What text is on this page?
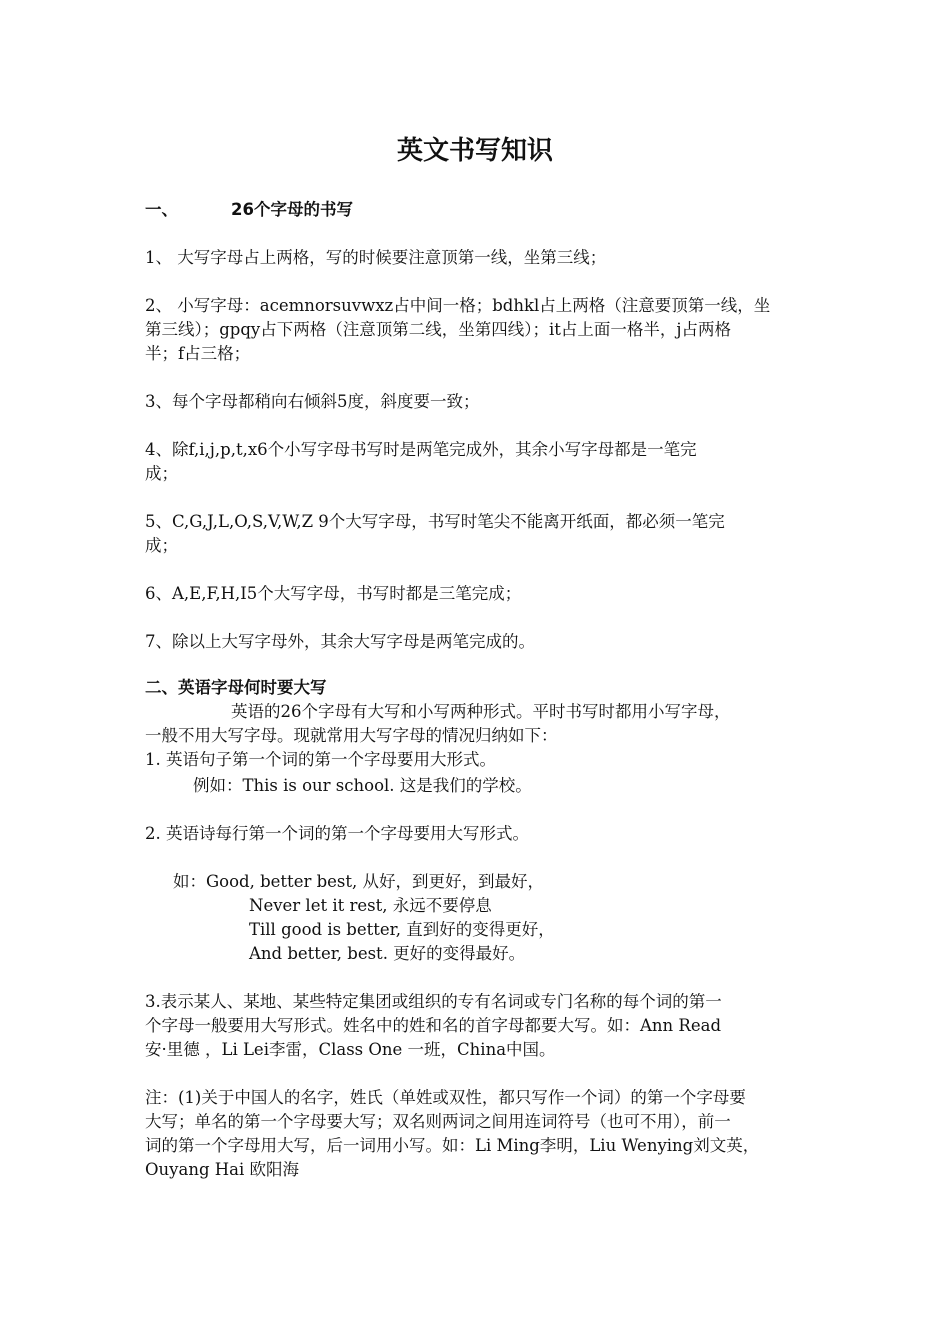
英文书写知识
一、	26个字母的书写
1、 大写字母占上两格，写的时候要注意顶第一线，坐第三线；
2、 小写字母：acemnorsuvwxz占中间一格；bdhkl占上两格（注意要顶第一线，坐
第三线）；gpqy占下两格（注意顶第二线，坐第四线）；it占上面一格半，j占两格
半；f占三格；
3、每个字母都稍向右倾斜5度，斜度要一致；
4、除f,i,j,p,t,x6个小写字母书写时是两笔完成外，其余小写字母都是一笔完
成；
5、C,G,J,L,O,S,V,W,Z 9个大写字母，书写时笔尖不能离开纸面，都必须一笔完
成；
6、A,E,F,H,I5个大写字母，书写时都是三笔完成；
7、除以上大写字母外，其余大写字母是两笔完成的。
二、英语字母何时要大写
英语的26个字母有大写和小写两种形式。平时书写时都用小写字母，
一般不用大写字母。现就常用大写字母的情况归纳如下：
1. 英语句子第一个词的第一个字母要用大形式。
例如：This is our school. 这是我们的学校。
2. 英语诗每行第一个词的第一个字母要用大写形式。
如：Good, better best, 从好，到更好，到最好，
Never let it rest, 永远不要停息
Till good is better, 直到好的变得更好，
And better, best. 更好的变得最好。
3.表示某人、某地、某些特定集团或组织的专有名词或专门名称的每个词的第一
个字母一般要用大写形式。姓名中的姓和名的首字母都要大写。如：Ann Read
安·里德 ，Li Lei李雷，Class One 一班，China中国。
注：(1)关于中国人的名字，姓氏（单姓或双性，都只写作一个词）的第一个字母要
大写；单名的第一个字母要大写；双名则两词之间用连词符号（也可不用），前一
词的第一个字母用大写，后一词用小写。如：Li Ming李明，Liu Wenying刘文英，
Ouyang Hai 欧阳海
